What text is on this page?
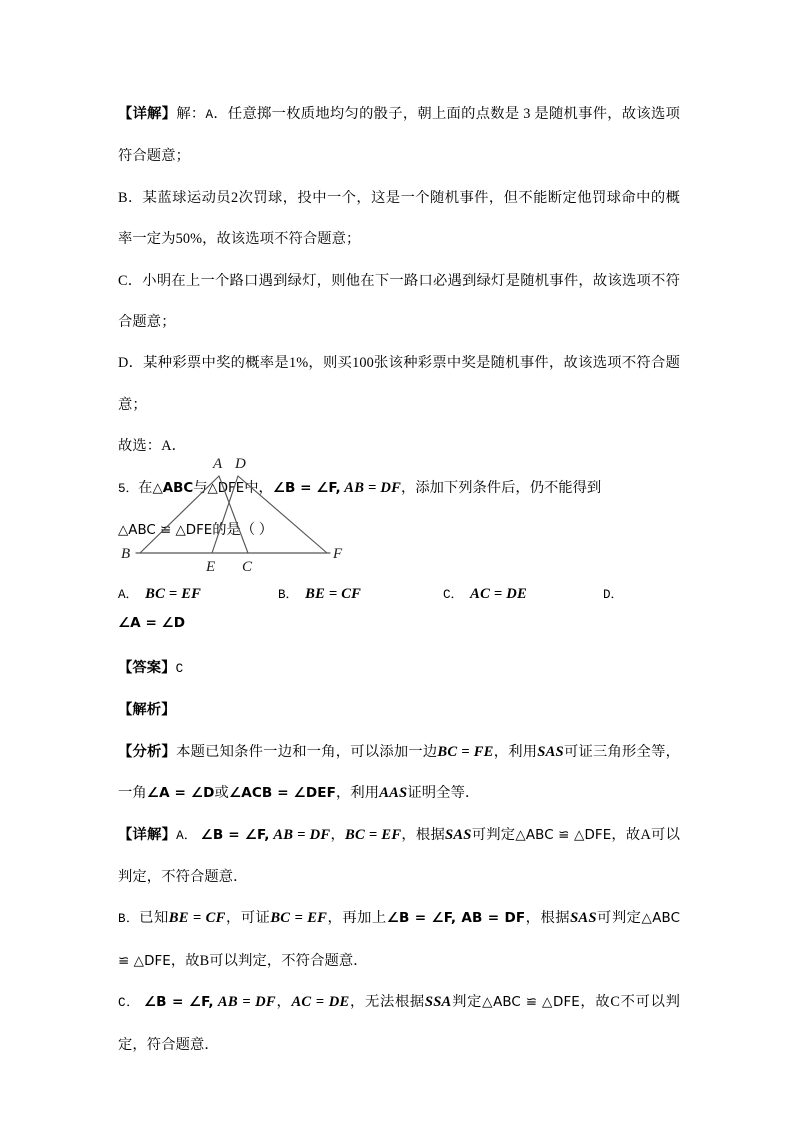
【详解】解：A．任意掷一枚质地均匀的骰子，朝上面的点数是 3 是随机事件，故该选项符合题意；

B．某蓝球运动员2次罚球，投中一个，这是一个随机事件，但不能断定他罚球命中的概率一定为50%，故该选项不符合题意；

C．小明在上一个路口遇到绿灯，则他在下一路口必遇到绿灯是随机事件，故该选项不符合题意；

D．某种彩票中奖的概率是1%，则买100张该种彩票中奖是随机事件，故该选项不符合题意；

故选：A．

5．在△ABC与△DFE中，∠B = ∠F, AB = DF，添加下列条件后，仍不能得到

△ABC ≌ △DFE的是（ ）

A D
B
E C
F
A． BC = EF	B． BE = CF	C． AC = DE	D．
∠A = ∠D

【答案】C

【解析】

【分析】本题已知条件一边和一角，可以添加一边BC = FE，利用SAS可证三角形全等，一角∠A = ∠D或∠ACB = ∠DEF，利用AAS证明全等．

【详解】A． ∠B = ∠F, AB = DF，BC = EF，根据SAS可判定△ABC ≌ △DFE，故A可以判定，不符合题意．

B．已知BE = CF，可证BC = EF，再加上∠B = ∠F, AB = DF，根据SAS可判定△ABC ≌ △DFE，故B可以判定，不符合题意．

C． ∠B = ∠F, AB = DF，AC = DE，无法根据SSA判定△ABC ≌ △DFE，故C不可以判定，符合题意．
